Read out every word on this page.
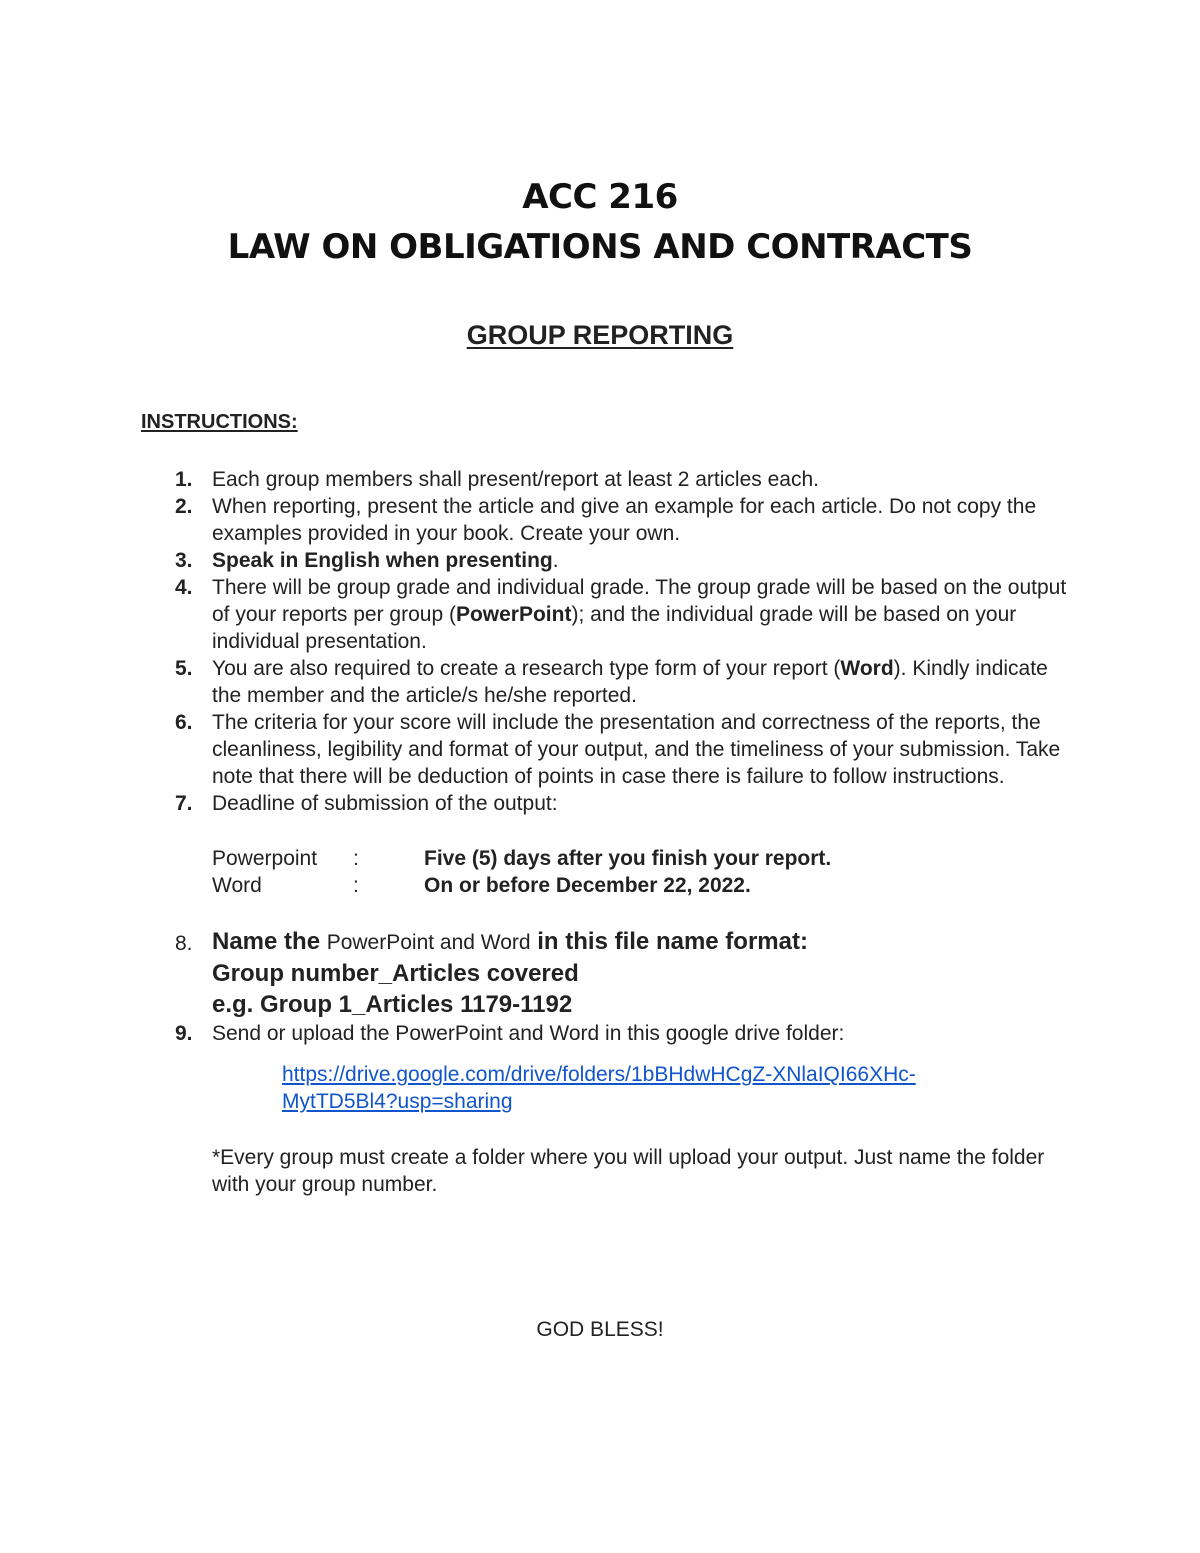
ACC 216
LAW ON OBLIGATIONS AND CONTRACTS
GROUP REPORTING
INSTRUCTIONS:
1. Each group members shall present/report at least 2 articles each.
2. When reporting, present the article and give an example for each article. Do not copy the examples provided in your book. Create your own.
3. Speak in English when presenting.
4. There will be group grade and individual grade. The group grade will be based on the output of your reports per group (PowerPoint); and the individual grade will be based on your individual presentation.
5. You are also required to create a research type form of your report (Word). Kindly indicate the member and the article/s he/she reported.
6. The criteria for your score will include the presentation and correctness of the reports, the cleanliness, legibility and format of your output, and the timeliness of your submission. Take note that there will be deduction of points in case there is failure to follow instructions.
7. Deadline of submission of the output:
Powerpoint :	Five (5) days after you finish your report.
Word	:	On or before December 22, 2022.
8. Name the PowerPoint and Word in this file name format:
Group number_Articles covered
e.g. Group 1_Articles 1179-1192
9. Send or upload the PowerPoint and Word in this google drive folder:
https://drive.google.com/drive/folders/1bBHdwHCgZ-XNlaIQI66XHc-
MytTD5Bl4?usp=sharing
*Every group must create a folder where you will upload your output. Just name the folder with your group number.
GOD BLESS!
